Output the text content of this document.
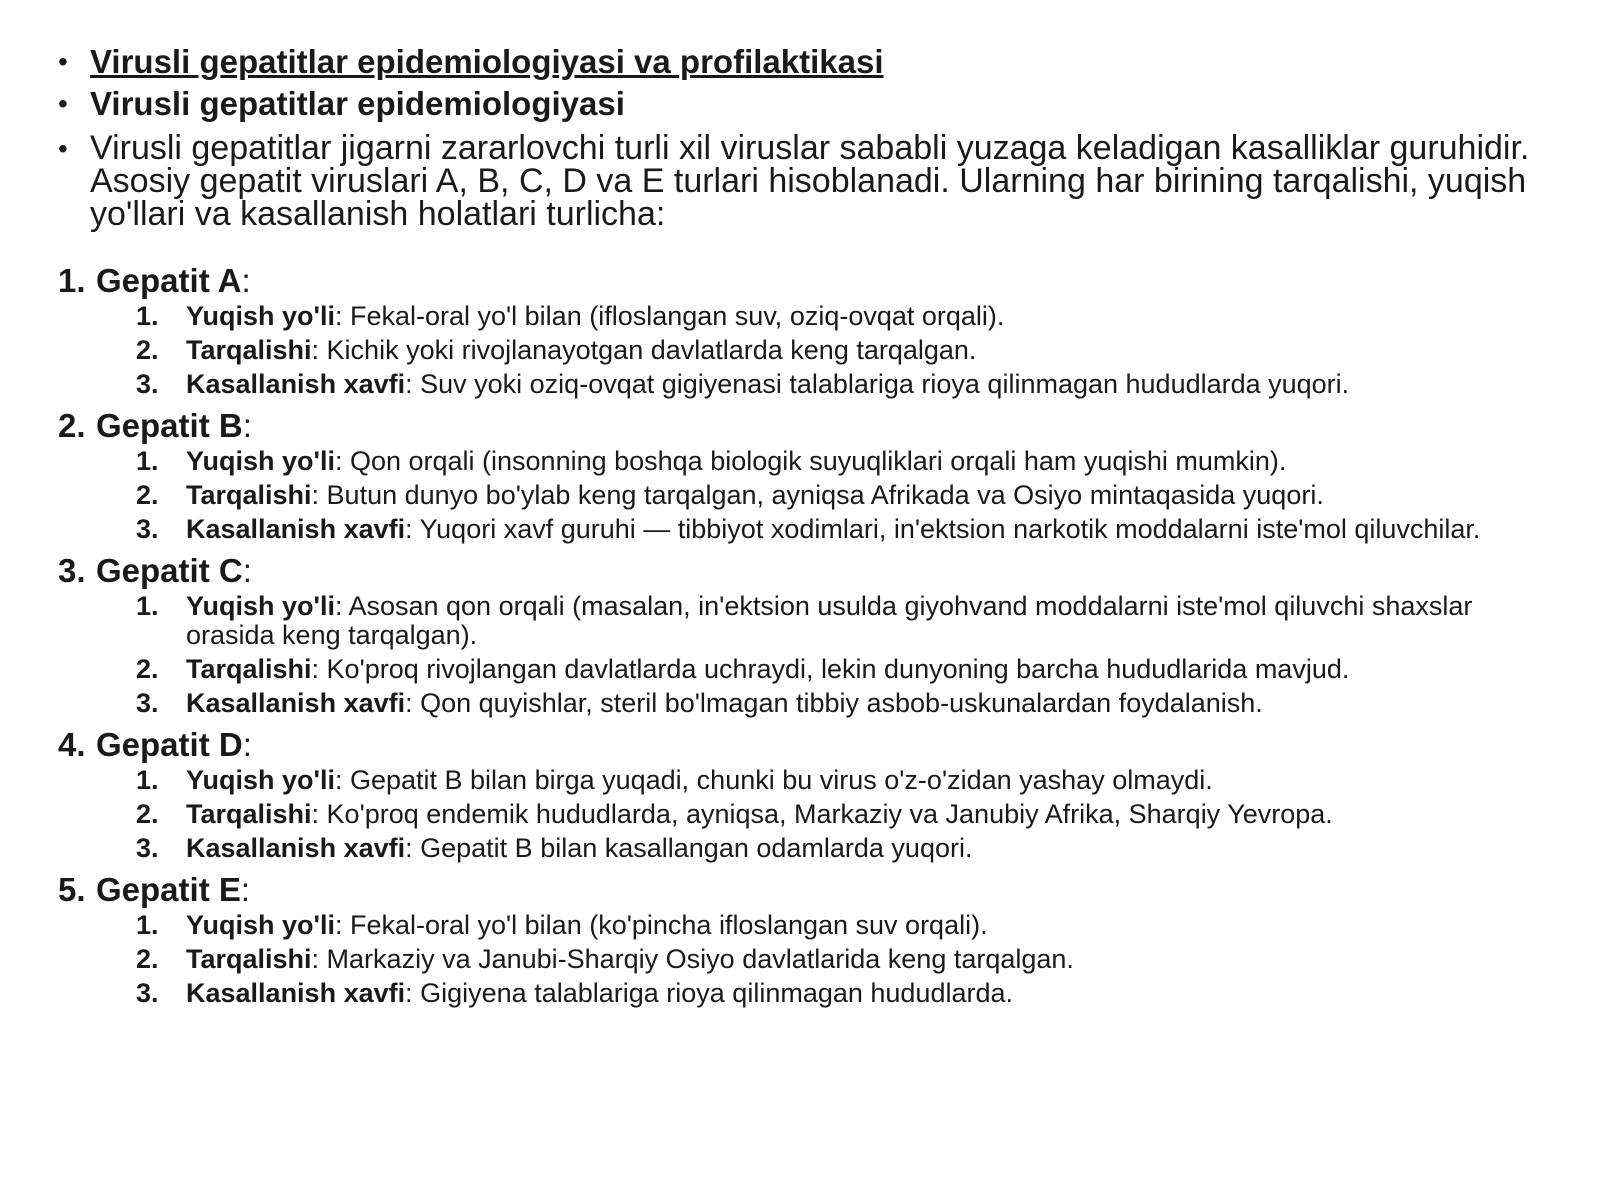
• Virusli gepatitlar epidemiologiyasi va profilaktikasi
• Virusli gepatitlar epidemiologiyasi
• Virusli gepatitlar jigarni zararlovchi turli xil viruslar sababli yuzaga keladigan kasalliklar guruhidir. Asosiy gepatit viruslari A, B, C, D va E turlari hisoblanadi. Ularning har birining tarqalishi, yuqish yo'llari va kasallanish holatlari turlicha:
1. Gepatit A:
1. Yuqish yo'li: Fekal-oral yo'l bilan (ifloslangan suv, oziq-ovqat orqali).
2. Tarqalishi: Kichik yoki rivojlanayotgan davlatlarda keng tarqalgan.
3. Kasallanish xavfi: Suv yoki oziq-ovqat gigiyenasi talablariga rioya qilinmagan hududlarda yuqori.
2. Gepatit B:
1. Yuqish yo'li: Qon orqali (insonning boshqa biologik suyuqliklari orqali ham yuqishi mumkin).
2. Tarqalishi: Butun dunyo bo'ylab keng tarqalgan, ayniqsa Afrikada va Osiyo mintaqasida yuqori.
3. Kasallanish xavfi: Yuqori xavf guruhi — tibbiyot xodimlari, in'ektsion narkotik moddalarni iste'mol qiluvchilar.
3. Gepatit C:
1. Yuqish yo'li: Asosan qon orqali (masalan, in'ektsion usulda giyohvand moddalarni iste'mol qiluvchi shaxslar orasida keng tarqalgan).
2. Tarqalishi: Ko'proq rivojlangan davlatlarda uchraydi, lekin dunyoning barcha hududlarida mavjud.
3. Kasallanish xavfi: Qon quyishlar, steril bo'lmagan tibbiy asbob-uskunalardan foydalanish.
4. Gepatit D:
1. Yuqish yo'li: Gepatit B bilan birga yuqadi, chunki bu virus o'z-o'zidan yashay olmaydi.
2. Tarqalishi: Ko'proq endemik hududlarda, ayniqsa, Markaziy va Janubiy Afrika, Sharqiy Yevropa.
3. Kasallanish xavfi: Gepatit B bilan kasallangan odamlarda yuqori.
5. Gepatit E:
1. Yuqish yo'li: Fekal-oral yo'l bilan (ko'pincha ifloslangan suv orqali).
2. Tarqalishi: Markaziy va Janubi-Sharqiy Osiyo davlatlarida keng tarqalgan.
3. Kasallanish xavfi: Gigiyena talablariga rioya qilinmagan hududlarda.
